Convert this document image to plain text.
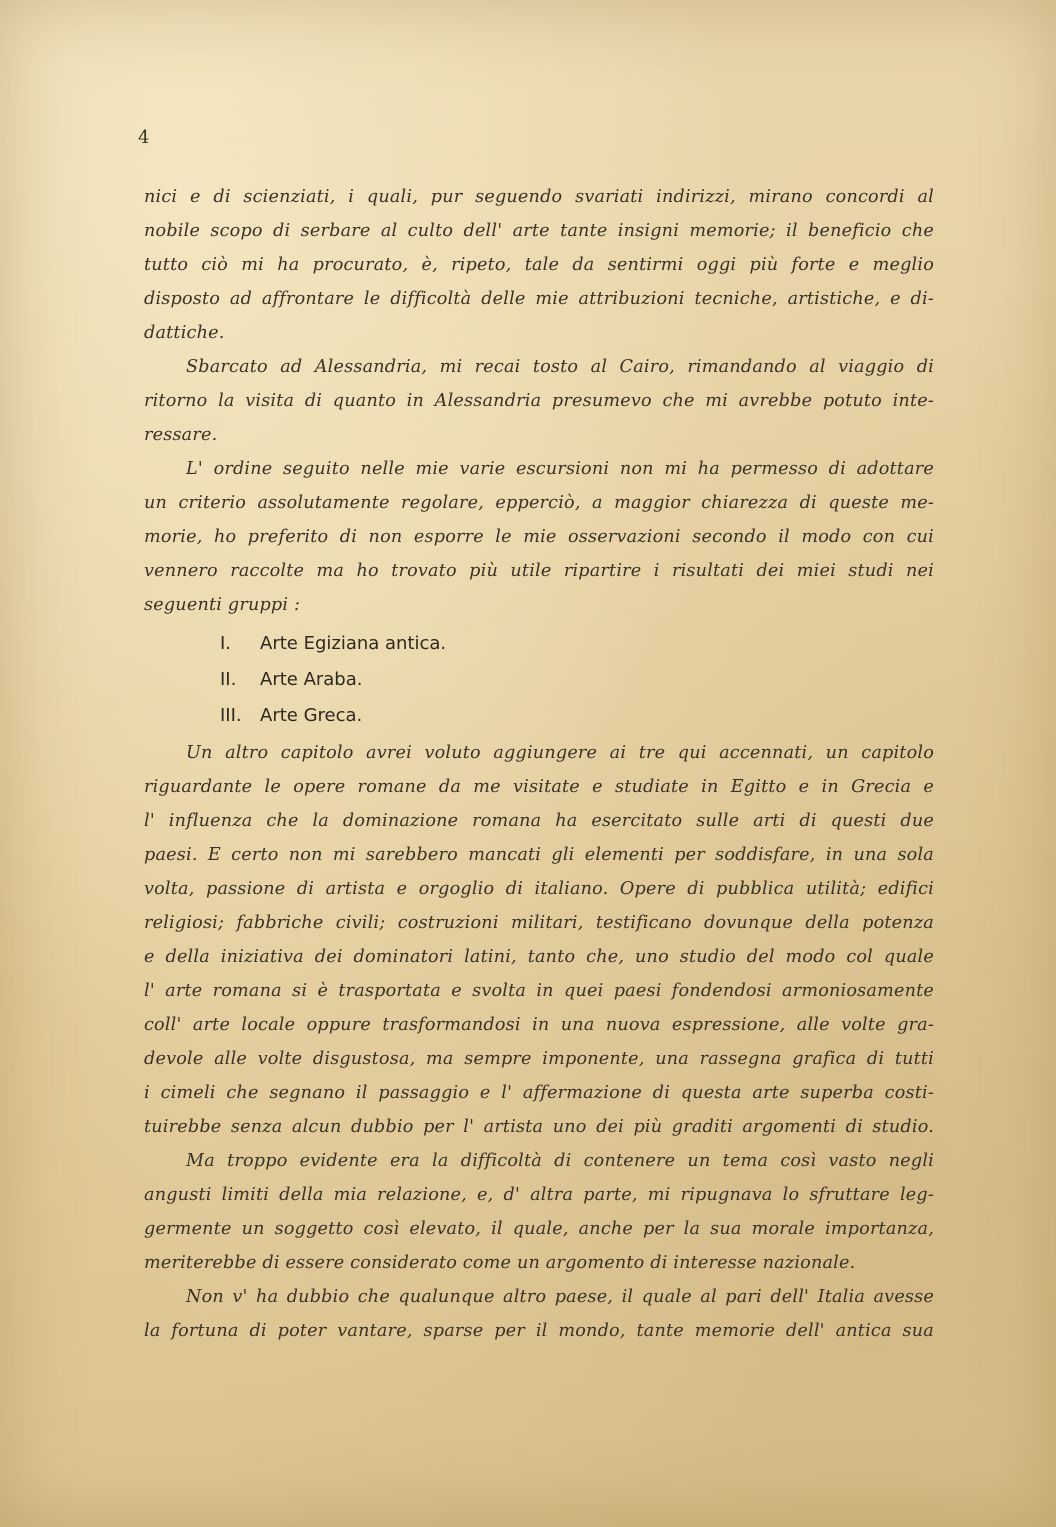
4
nici e di scienziati, i quali, pur seguendo svariati indirizzi, mirano concordi al
nobile scopo di serbare al culto dell' arte tante insigni memorie; il beneficio che
tutto ciò mi ha procurato, è, ripeto, tale da sentirmi oggi più forte e meglio
disposto ad affrontare le difficoltà delle mie attribuzioni tecniche, artistiche, e di-
dattiche.
Sbarcato ad Alessandria, mi recai tosto al Cairo, rimandando al viaggio di
ritorno la visita di quanto in Alessandria presumevo che mi avrebbe potuto inte-
ressare.
L' ordine seguito nelle mie varie escursioni non mi ha permesso di adottare
un criterio assolutamente regolare, epperciò, a maggior chiarezza di queste me-
morie, ho preferito di non esporre le mie osservazioni secondo il modo con cui
vennero raccolte ma ho trovato più utile ripartire i risultati dei miei studi nei
seguenti gruppi :
I. Arte Egiziana antica.
II. Arte Araba.
III. Arte Greca.
Un altro capitolo avrei voluto aggiungere ai tre qui accennati, un capitolo
riguardante le opere romane da me visitate e studiate in Egitto e in Grecia e
l' influenza che la dominazione romana ha esercitato sulle arti di questi due
paesi. E certo non mi sarebbero mancati gli elementi per soddisfare, in una sola
volta, passione di artista e orgoglio di italiano. Opere di pubblica utilità; edifici
religiosi; fabbriche civili; costruzioni militari, testificano dovunque della potenza
e della iniziativa dei dominatori latini, tanto che, uno studio del modo col quale
l' arte romana si è trasportata e svolta in quei paesi fondendosi armoniosamente
coll' arte locale oppure trasformandosi in una nuova espressione, alle volte gra-
devole alle volte disgustosa, ma sempre imponente, una rassegna grafica di tutti
i cimeli che segnano il passaggio e l' affermazione di questa arte superba costi-
tuirebbe senza alcun dubbio per l' artista uno dei più graditi argomenti di studio.
Ma troppo evidente era la difficoltà di contenere un tema così vasto negli
angusti limiti della mia relazione, e, d' altra parte, mi ripugnava lo sfruttare leg-
germente un soggetto così elevato, il quale, anche per la sua morale importanza,
meriterebbe di essere considerato come un argomento di interesse nazionale.
Non v' ha dubbio che qualunque altro paese, il quale al pari dell' Italia avesse
la fortuna di poter vantare, sparse per il mondo, tante memorie dell' antica sua
